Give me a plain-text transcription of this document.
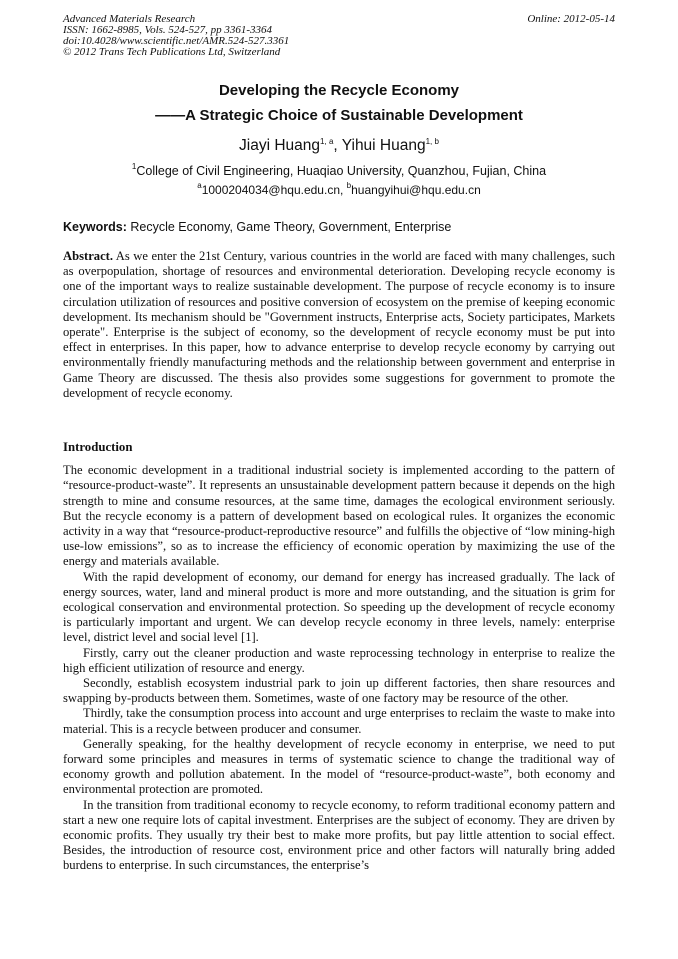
Advanced Materials Research	Online: 2012-05-14
ISSN: 1662-8985, Vols. 524-527, pp 3361-3364
doi:10.4028/www.scientific.net/AMR.524-527.3361
© 2012 Trans Tech Publications Ltd, Switzerland
Developing the Recycle Economy
——A Strategic Choice of Sustainable Development
Jiayi Huang$^{1, a}$, Yihui Huang$^{1, b}$
$^1$College of Civil Engineering, Huaqiao University, Quanzhou, Fujian, China
$^a$1000204034@hqu.edu.cn, $^b$huangyihui@hqu.edu.cn
Keywords: Recycle Economy, Game Theory, Government, Enterprise

Abstract. As we enter the 21st Century, various countries in the world are faced with many challenges, such as overpopulation, shortage of resources and environmental deterioration. Developing recycle economy is one of the important ways to realize sustainable development. The purpose of recycle economy is to insure circulation utilization of resources and positive conversion of ecosystem on the premise of keeping economic development. Its mechanism should be "Government instructs, Enterprise acts, Society participates, Markets operate". Enterprise is the subject of economy, so the development of recycle economy must be put into effect in enterprises. In this paper, how to advance enterprise to develop recycle economy by carrying out environmentally friendly manufacturing methods and the relationship between government and enterprise in Game Theory are discussed. The thesis also provides some suggestions for government to promote the development of recycle economy.

Introduction

The economic development in a traditional industrial society is implemented according to the pattern of “resource-product-waste”. It represents an unsustainable development pattern because it depends on the high strength to mine and consume resources, at the same time, damages the ecological environment seriously. But the recycle economy is a pattern of development based on ecological rules. It organizes the economic activity in a way that “resource-product-reproductive resource” and fulfills the objective of “low mining-high use-low emissions”, so as to increase the efficiency of economic operation by maximizing the use of the energy and materials available.

With the rapid development of economy, our demand for energy has increased gradually. The lack of energy sources, water, land and mineral product is more and more outstanding, and the situation is grim for ecological conservation and environmental protection. So speeding up the development of recycle economy is particularly important and urgent. We can develop recycle economy in three levels, namely: enterprise level, district level and social level [1].

Firstly, carry out the cleaner production and waste reprocessing technology in enterprise to realize the high efficient utilization of resource and energy.

Secondly, establish ecosystem industrial park to join up different factories, then share resources and swapping by-products between them. Sometimes, waste of one factory may be resource of the other.

Thirdly, take the consumption process into account and urge enterprises to reclaim the waste to make into material. This is a recycle between producer and consumer.

Generally speaking, for the healthy development of recycle economy in enterprise, we need to put forward some principles and measures in terms of systematic science to change the traditional way of economy growth and pollution abatement. In the model of “resource-product-waste”, both economy and environmental protection are promoted.

In the transition from traditional economy to recycle economy, to reform traditional economy pattern and start a new one require lots of capital investment. Enterprises are the subject of economy. They are driven by economic profits. They usually try their best to make more profits, but pay little attention to social effect. Besides, the introduction of resource cost, environment price and other factors will naturally bring added burdens to enterprise. In such circumstances, the enterprise’s
